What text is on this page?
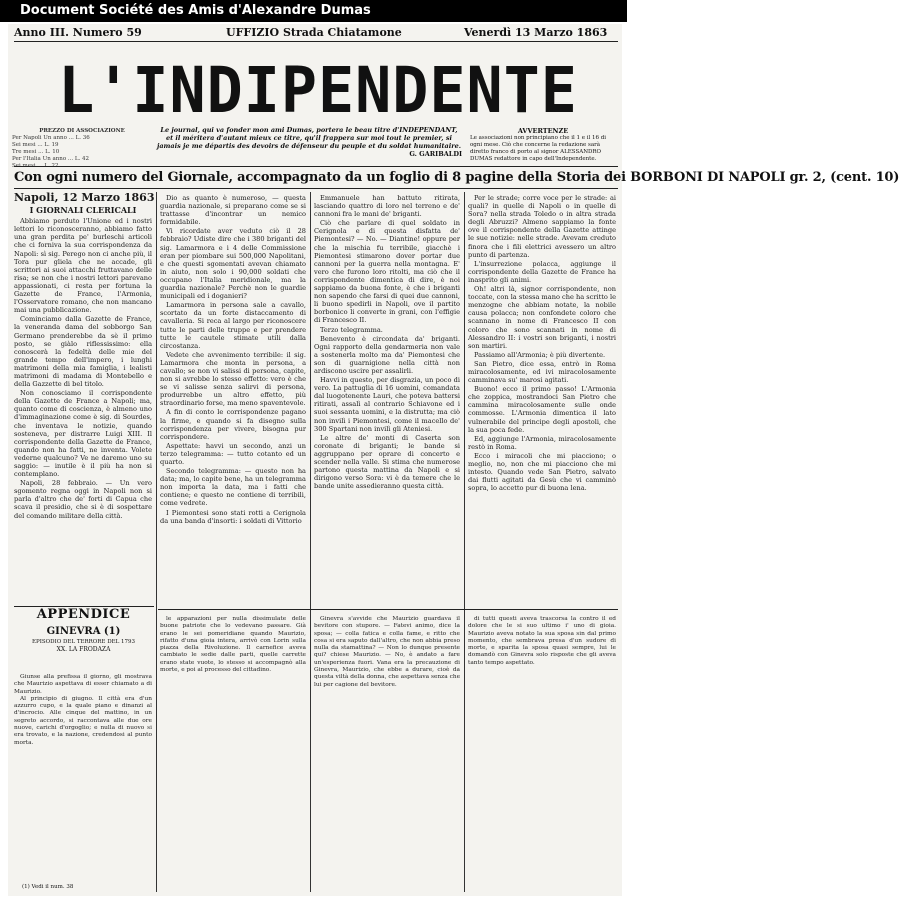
Document Société des Amis d'Alexandre Dumas
Anno III. Numero 59	UFFIZIO Strada Chiatamone	Venerdì 13 Marzo 1863
L'INDIPENDENTE
PREZZO DI ASSOCIAZIONE
Per Napoli Un anno ... L. 36
Sei mesi ... L. 19
Tre mesi ... L. 10
Per l'Italia Un anno ... L. 42
Sei mesi ... L. 22
Le journal, qui va fonder mon ami Dumas, portera le beau titre d'INDEPENDANT, et il méritera d'autant mieux ce titre, qu'il frappera sur moi tout le premier, si jamais je me départis des devoirs de défenseur du peuple et du soldat humanitaire.
G. GARIBALDI
AVVERTENZE
Le associazioni non principiano che il 1 e il 16 di ogni mese. Ciò che concerne la redazione sarà diretto franco di porto al signor ALESSANDRO DUMAS redattore in capo dell'Independente.
Con ogni numero del Giornale, accompagnato da un foglio di 8 pagine della Storia dei BORBONI DI NAPOLI gr. 2, (cent. 10)
Napoli, 12 Marzo 1863
I GIORNALI CLERICALI

Abbiamo perduto l'Unione ed i nostri lettori lo riconosceranno, abbiamo fatto una gran perdita pe' burleschi articoli che ci forniva la sua corrispondenza da Napoli: sì sig. Perego non ci anche più, il Tora pur gliela che ne accade, gli scrittori ai suoi attacchi fruttavano delle risa; se non che i nostri lettori parevano appassionati, ci resta per fortuna la Gazette de France, l'Armonia, l'Osservatore romano, che non mancano mai una pubblicazione.

Cominciamo dalla Gazette de France, la veneranda dama del sobborgo San Germano prenderebbe da sè il primo posto, se giàlo riflessissimo: ella conoscerà la fedeltà delle mie del grande tempo dell'impero, i lunghi matrimoni della mia famiglia, i lealisti matrimoni di madama di Montebello e della Gazzette di bel titolo.

Non conosciamo il corrispondente della Gazette de France a Napoli; ma, quanto come di coscienza, è almeno uno d'immaginazione come è sig. di Sourdes, che inventava le notizie, quando sosteneva, per distrarre Luigi XIII. Il corrispondente della Gazette de France, quando non ha fatti, ne inventa. Volete vederne qualcuno? Ve ne daremo uno su saggio: — inutile è il più ha non si contemplano.

Napoli, 28 febbraio. — Un vero sgomento regna oggi in Napoli non si parla d'altro che de' forti di Capua che scava il presidio, che si è di sospettare del comando militare della città.

APPENDICE
GINEVRA (1)
EPISODIO DEL TERRORE DEL 1793
XX. LA FRODAZA

Giunse alla prefissa il giorno, gli mostrava che Maurizio aspettava di esser chiamato a di Maurizio.

Al principio di giugno. Il città era d'un azzurro cupo, e la quale piano e dinanzi al d'incrocio. Alle cinque del mattino, in un segreto accordo, si raccontava alle due ore nuove, carichi d'orgoglio; e nulla di nuovo si era trovato, e la nazione, credendosi al punto morta.

Dio as quanto è numeroso, — questa guardia nazionale, si preparano come se si trattasse d'incontrar un nemico formidabile.

Vi ricordate aver veduto ciò il 28 febbraio? Udiste dire che i 380 briganti del sig. Lamarmora e i 4 delle Commissione eran per piombare sui 500,000 Napolitani, e che questi sgomentati avevan chiamato in aiuto, non solo i 90,000 soldati che occupano l'Italia meridionale, ma la guardia nazionale? Perchè non le guardie municipali ed i doganieri?

Lamarmora in persona sale a cavallo, scortato da un forte distaccamento di cavalleria. Si reca al largo per riconoscere tutte le parti delle truppe e per prendere tutte le cautele stimate utili dalla circostanza.

Vedete che avvenimento terribile: il sig. Lamarmora che monta in persona, a cavallo; se non vi salissi di persona, capite, non si avrebbe lo stesso effetto: vero è che se vi salisse senza salirvi di persona, produrrebbe un altro effetto, più straordinario forse, ma meno spaventevole.

A fin di conto le corrispondenze pagano la firme, e quando si fa disegno sulla corrispondenza per vivere, bisogna pur corrispondere.

Aspettate: havvi un secondo, anzi un terzo telegramma: — tutto cotanto ed un quarto.

Secondo telegramma: — questo non ha data; ma, lo capite bene, ha un telegramma non importa la data, ma i fatti che contiene; e questo ne contiene di terribili, come vedrete.

I Piemontesi sono stati rotti a Cerignola da una banda d'insorti: i soldati di Vittorio

Emmanuele han battuto ritirata, lasciando quattro di loro nel terreno e de' cannoni fra le mani de' briganti.

Ciò che parlare di quel soldato in Cerignola e di questa disfatta de' Piemontesi? — No. — Diantine! oppure per che la mischia fu terribile, giacchè i Piemontesi stimarono dover portar due cannoni per la guerra nella montagna. E' vero che furono loro ritolti, ma ciò che il corrispondente dimentica di dire, è noi sappiamo da buona fonte, è che i briganti non sapendo che farsi di quei due cannoni, li buono spedirli in Napoli, ove il partito borbonico li converte in grani, con l'effigie di Francesco II.

Terzo telegramma.

Benevento è circondata da' briganti. Ogni rapporto della gendarmeria non vale a sostenerla molto ma da' Piemontesi che son di guarnigione nella città non ardiscono uscire per assalirli.

Havvi in questo, per disgrazia, un poco di vero. La pattuglia di 16 uomini, comandata dal luogotenente Lauri, che poteva battersi ritirati, assalì al contrario Schiavone ed i suoi sessanta uomini, e la distrutta; ma ciò non invilì i Piemontesi, come il macello de' 300 Spartani non invilì gli Ateniesi.

Le altre de' monti di Caserta son coronate di briganti; le bande si aggruppano per oprare di concerto e scender nella valle. Si stima che numerose partono questa mattina da Napoli e si dirigono verso Sora: vi è da temere che le bande unite assedieranno questa città.

Per le strade; corre voce per le strade: ai quali? in quelle di Napoli o in quelle di Sora? nella strada Toledo o in altra strada degli Abruzzi? Almeno sappiamo la fonte ove il corrispondente della Gazette attinge le sue notizie: nelle strade. Avevam creduto finora che i fili elettrici avessero un altro punto di partenza.

L'insurrezione polacca, aggiunge il corrispondente della Gazette de France ha inasprito gli animi.

Oh! altri là, signor corrispondente, non toccate, con la stessa mano che ha scritto le menzogne che abbiam notate, la nobile causa polacca; non confondete coloro che scannano in nome di Francesco II con coloro che sono scannati in nome di Alessandro II: i vostri son briganti, i nostri son martiri.

Passiamo all'Armonia; è più divertente.

San Pietro, dice essa, entrò in Roma miracolosamente, ed ivi miracolosamente camminava su' marosi agitati.

Buono! ecco il primo passo! L'Armonia che zoppica, mostrandoci San Pietro che cammina miracolosamente sulle onde commosse. L'Armonia dimentica il lato vulnerabile del principe degli apostoli, che la sua poca fede.

Ed, aggiunge l'Armonia, miracolosamente restò in Roma.

Ecco i miracoli che mi piacciono; o meglio, no, non che mi piacciono che mi intesto. Quando vede San Pietro, salvato dai flutti agitati da Gesù che vi camminò sopra, lo accetto pur di buona lena.

le apparazioni per nulla dissimulate delle buone patriote che lo vedevano passare. Già erano le sei pomeridiane quando Maurizio, rifatto d'una gioia intera, arrivò con Lorin sulla piazza della Rivoluzione. Il carnefice aveva cambiato le sedie dalle parti, quelle carrette erano state vuote, lo stesso si accompagnò alla morte, e poi al processo del cittadino.

Ginevra s'avvide che Maurizio guardava il bevitore con stupore. — Fatevi animo, dice la sposa; — colla fatica e colla fame, e ritto che cosa si era saputo dall'altro, che non abbia preso nulla da stamattina? — Non lo dunque presente qui? chiese Maurizio. — No, è andato a fare un'esperienza fuori. Vana era la precauzione di Ginevra, Maurizio, che ebbe a durare, cioè da questa viltà della donna, che aspettava senza che lui per cagione del bevitore.

di tutti questi aveva trascorsa la contro il ed dolore che le si suo ultimo i' uno di gioia. Maurizio aveva notato la sua sposa sin dal primo momento, che sembrava presa d'un sudore di morte, e sparita la sposa quasi sempre, lui le domandò con Ginevra solo risposte che gli aveva tanto tempo aspettato.

(1) Vedi il num. 38
